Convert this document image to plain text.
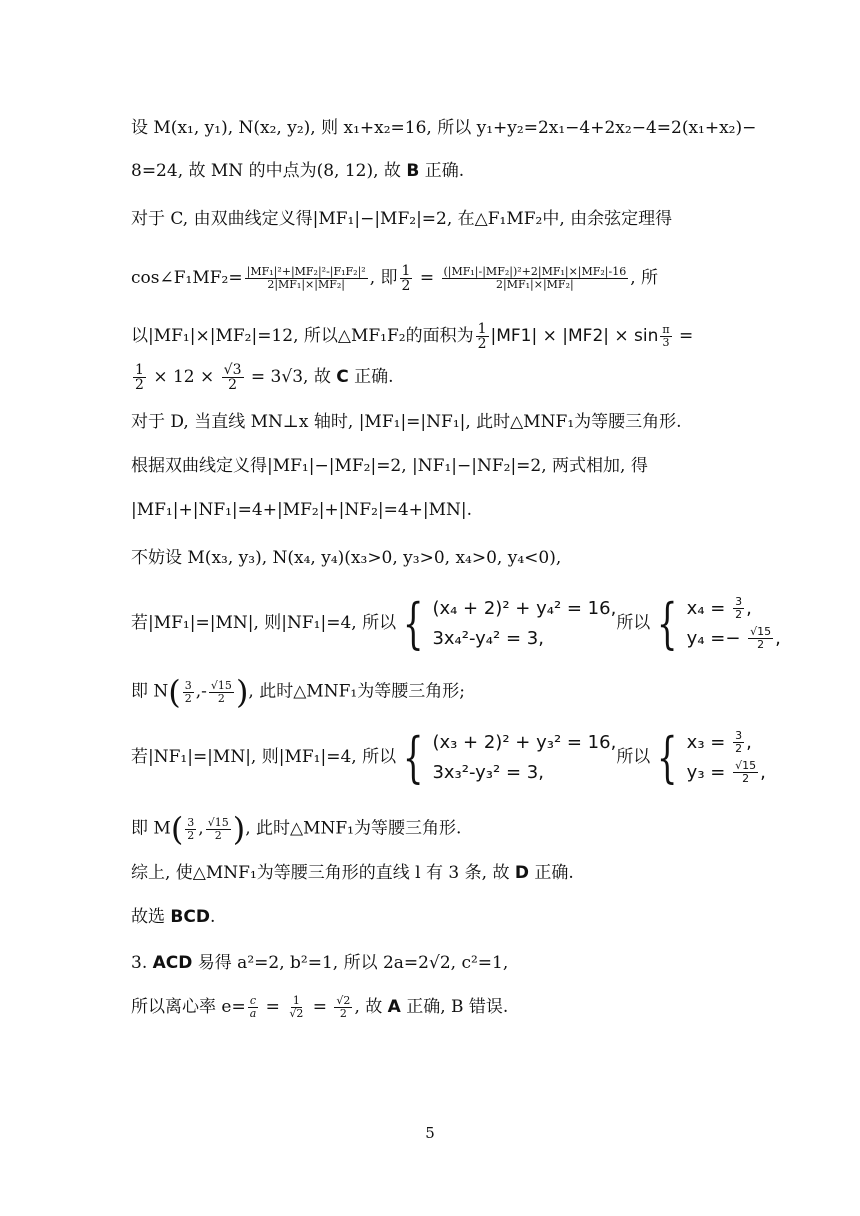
设 M(x₁, y₁), N(x₂, y₂), 则 x₁+x₂=16, 所以 y₁+y₂=2x₁−4+2x₂−4=2(x₁+x₂)−
8=24, 故 MN 的中点为(8, 12), 故 B 正确.
对于 C, 由双曲线定义得|MF₁|−|MF₂|=2, 在△F₁MF₂中, 由余弦定理得
cos∠F₁MF₂= $\frac{\text{|MF₁|²+|MF₂|²-|F₁F₂|²}}{\text{2|MF₁|×|MF₂|}}$ , 即 $\frac{1}{2} = \frac{\text{(|MF₁|-|MF₂|)²+2|MF₁|×|MF₂|-16}}{\text{2|MF₁|×|MF₂|}}$ , 所
以|MF₁|×|MF₂|=12, 所以△MF₁F₂的面积为 $\frac{1}{2} |MF1| \times |MF2| \times \sin \frac{\pi}{3}$ =
$\frac{1}{2} \times 12 \times \frac{√3}{2} = 3√3$, 故 C 正确.
对于 D, 当直线 MN⊥x 轴时, |MF₁|=|NF₁|, 此时△MNF₁为等腰三角形.
根据双曲线定义得|MF₁|−|MF₂|=2, |NF₁|−|NF₂|=2, 两式相加, 得
|MF₁|+|NF₁|=4+|MF₂|+|NF₂|=4+|MN|.
不妨设 M(x₃, y₃), N(x₄, y₄)(x₃>0, y₃>0, x₄>0, y₄<0),
若|MF₁|=|MN|, 则|NF₁|=4, 所以 { (x₄ + 2)² + y₄² = 16,
3x₄²-y₄² = 3,
所以 { $x_4 = \frac{3}{2}$ ,
$y_4 =- \frac{√15}{2}$ ,
即 $N( \frac{3}{2}$ ,- $\frac{√15}{2}$ ), 此时△MNF₁为等腰三角形;
若|NF₁|=|MN|, 则|MF₁|=4, 所以 { (x₃ + 2)² + y₃² = 16,
3x₃²-y₃² = 3,
所以 { $x_3 = \frac{3}{2}$ ,
$y_3 = \frac{√15}{2}$ ,
即 $M( \frac{3}{2}$ , $\frac{√15}{2}$ ), 此时△MNF₁为等腰三角形.
综上, 使△MNF₁为等腰三角形的直线 l 有 3 条, 故 D 正确.
故选 BCD.
3. ACD 易得 a²=2, b²=1, 所以 2a=2√2, c²=1,
所以离心率 $e= \frac{c}{a} = \frac{1}{√2} = \frac{√2}{2}$ , 故 A 正确, B 错误.
5
